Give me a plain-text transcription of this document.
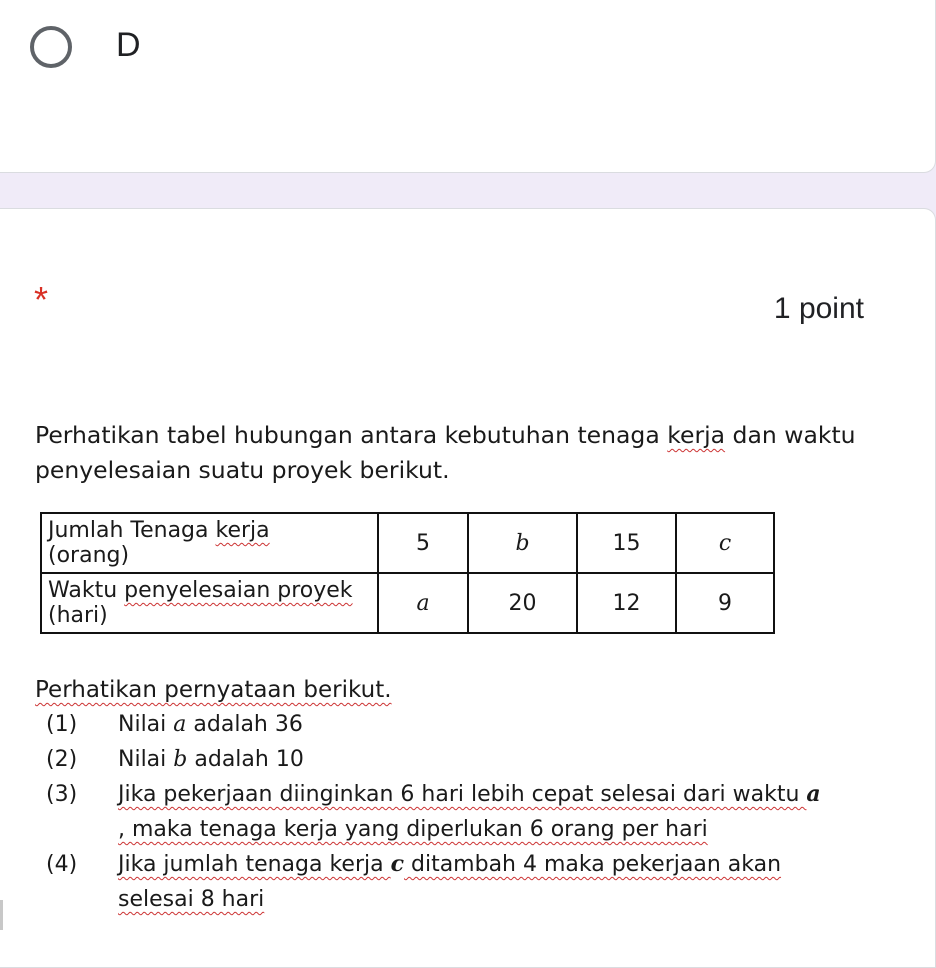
D
*	1 point
Perhatikan tabel hubungan antara kebutuhan tenaga kerja dan waktu
penyelesaian suatu proyek berikut.
Jumlah Tenaga kerja
(orang)	5	b	15	c
Waktu penyelesaian proyek
(hari)	a	20	12	9
Perhatikan pernyataan berikut.
(1) Nilai a adalah 36
(2) Nilai b adalah 10
(3) Jika pekerjaan diinginkan 6 hari lebih cepat selesai dari waktu a
, maka tenaga kerja yang diperlukan 6 orang per hari
(4) Jika jumlah tenaga kerja c ditambah 4 maka pekerjaan akan
selesai 8 hari
